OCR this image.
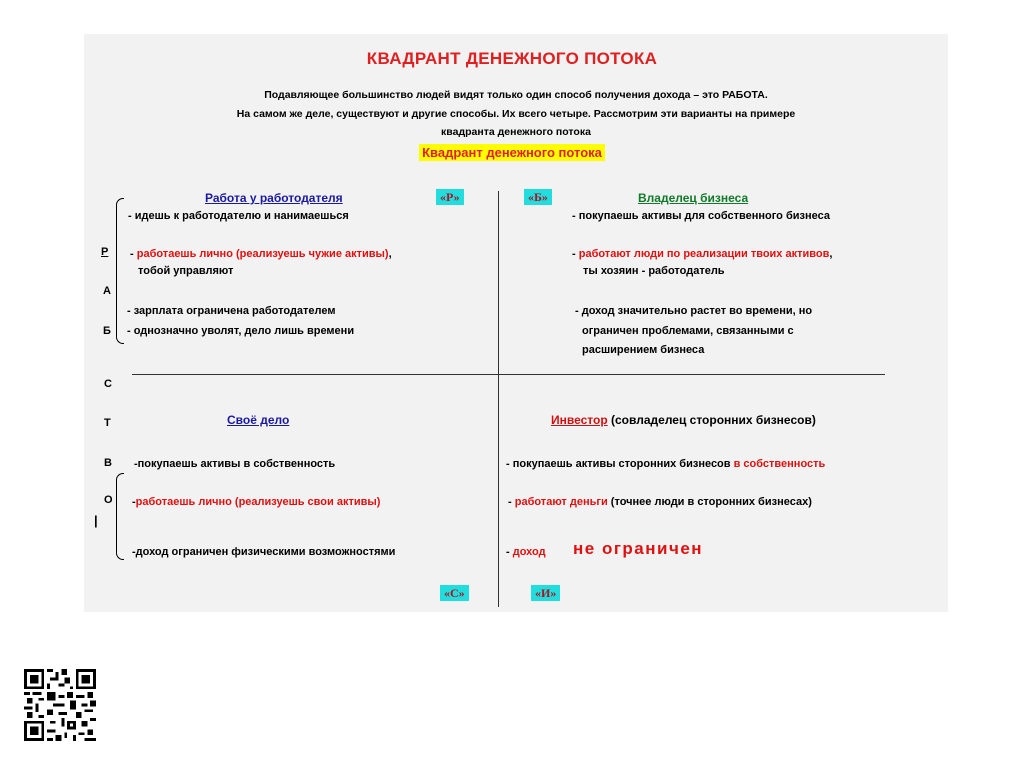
КВАДРАНТ ДЕНЕЖНОГО ПОТОКА
Подавляющее большинство людей видят только один способ получения дохода – это РАБОТА.
На самом же деле, существуют и другие способы. Их всего четыре. Рассмотрим эти варианты на примере
квадранта денежного потока
Квадрант денежного потока
Р
А
Б
С
Т
В
О
|
Работа у работодателя	«Р»
- идешь к работодателю и нанимаешься
- работаешь лично (реализуешь чужие активы),
тобой управляют
- зарплата ограничена работодателем
- однозначно уволят, дело лишь времени
«Б»	Владелец бизнеса
- покупаешь активы для собственного бизнеса
- работают люди по реализации твоих активов,
ты хозяин - работодатель
- доход значительно растет во времени, но
ограничен проблемами, связанными с
расширением бизнеса
Своё дело
-покупаешь активы в собственность
-работаешь лично (реализуешь свои активы)
-доход ограничен физическими возможностями
«С»
Инвестор (совладелец сторонних бизнесов)
- покупаешь активы сторонних бизнесов в собственность
- работают деньги (точнее люди в сторонних бизнесах)
- доход не ограничен
«И»
